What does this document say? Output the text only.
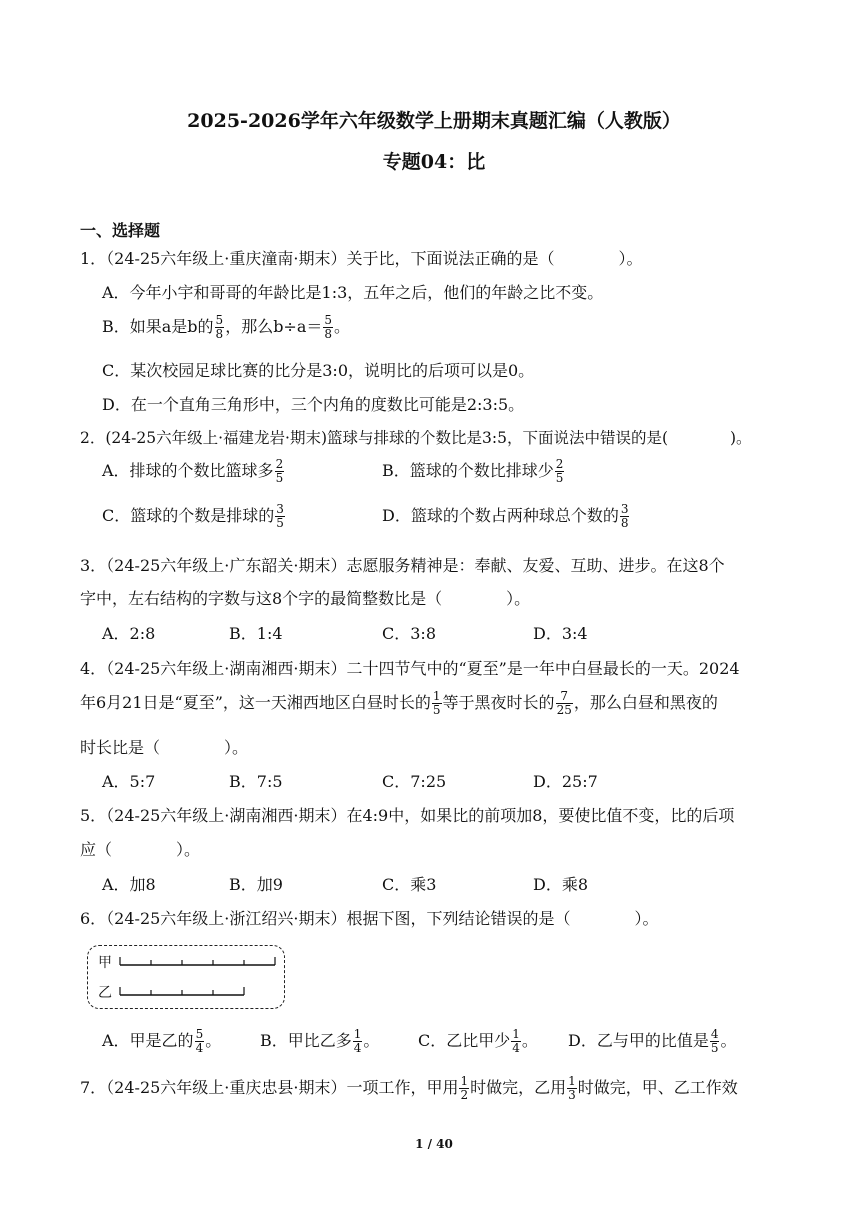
2025-2026学年六年级数学上册期末真题汇编（人教版）
专题04：比
一、选择题
1．（24-25六年级上·重庆潼南·期末）关于比，下面说法正确的是（　　　　）。
A．今年小宇和哥哥的年龄比是1:3，五年之后，他们的年龄之比不变。
B．如果a是b的 $\frac{5}{8}$ ，那么$b\div a= \frac{5}{8}$ 。
C．某次校园足球比赛的比分是3:0，说明比的后项可以是0。
D．在一个直角三角形中，三个内角的度数比可能是2:3:5。
2．(24-25六年级上·福建龙岩·期末)篮球与排球的个数比是3:5，下面说法中错误的是(　　　　)。
A．排球的个数比篮球多 $\frac{2}{5}$	B．篮球的个数比排球少 $\frac{2}{5}$
C．篮球的个数是排球的 $\frac{3}{5}$	D．篮球的个数占两种球总个数的 $\frac{3}{8}$
3．（24-25六年级上·广东韶关·期末）志愿服务精神是：奉献、友爱、互助、进步。在这8个
字中，左右结构的字数与这8个字的最简整数比是（　　　　）。
A．2:8	B．1:4	C．3:8	D．3:4
4．（24-25六年级上·湖南湘西·期末）二十四节气中的“夏至”是一年中白昼最长的一天。2024
年6月21日是“夏至”，这一天湘西地区白昼时长的 $\frac{1}{5}$ 等于黑夜时长的 $\frac{7}{25}$ ，那么白昼和黑夜的
时长比是（　　　　）。
A．5:7	B．7:5	C．7:25	D．25:7
5．（24-25六年级上·湖南湘西·期末）在4:9中，如果比的前项加8，要使比值不变，比的后项
应（　　　　）。
A．加8	B．加9	C．乘3	D．乘8
6．（24-25六年级上·浙江绍兴·期末）根据下图，下列结论错误的是（　　　　）。
甲
乙
A．甲是乙的 $\frac{5}{4}$ 。 B．甲比乙多 $\frac{1}{4}$ 。 C．乙比甲少 $\frac{1}{4}$ 。 D．乙与甲的比值是 $\frac{4}{5}$ 。
7．（24-25六年级上·重庆忠县·期末）一项工作，甲用 $\frac{1}{2}$ 时做完，乙用 $\frac{1}{3}$ 时做完，甲、乙工作效
1 / 40
